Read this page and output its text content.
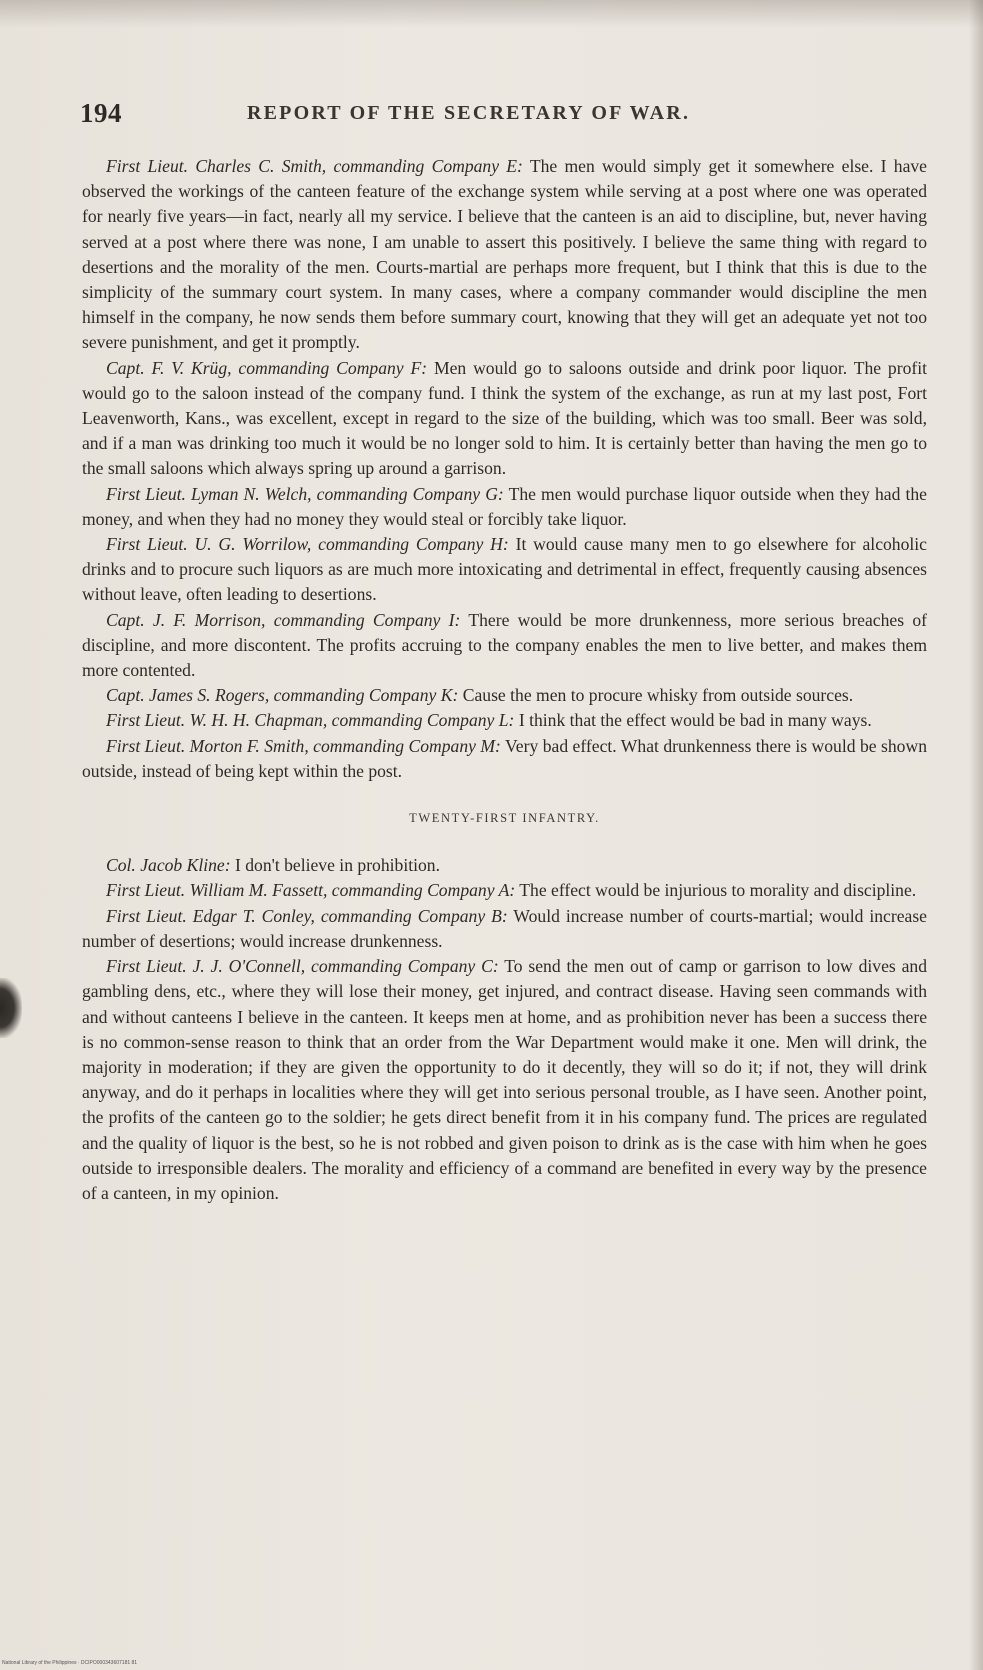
194	REPORT OF THE SECRETARY OF WAR.

First Lieut. Charles C. Smith, commanding Company E: The men would simply get it somewhere else. I have observed the workings of the canteen feature of the exchange system while serving at a post where one was operated for nearly five years—in fact, nearly all my service. I believe that the canteen is an aid to discipline, but, never having served at a post where there was none, I am unable to assert this positively. I believe the same thing with regard to desertions and the morality of the men. Courts-martial are perhaps more frequent, but I think that this is due to the simplicity of the summary court system. In many cases, where a company commander would discipline the men himself in the company, he now sends them before summary court, knowing that they will get an adequate yet not too severe punishment, and get it promptly.

Capt. F. V. Krüg, commanding Company F: Men would go to saloons outside and drink poor liquor. The profit would go to the saloon instead of the company fund. I think the system of the exchange, as run at my last post, Fort Leavenworth, Kans., was excellent, except in regard to the size of the building, which was too small. Beer was sold, and if a man was drinking too much it would be no longer sold to him. It is certainly better than having the men go to the small saloons which always spring up around a garrison.

First Lieut. Lyman N. Welch, commanding Company G: The men would purchase liquor outside when they had the money, and when they had no money they would steal or forcibly take liquor.

First Lieut. U. G. Worrilow, commanding Company H: It would cause many men to go elsewhere for alcoholic drinks and to procure such liquors as are much more intoxicating and detrimental in effect, frequently causing absences without leave, often leading to desertions.

Capt. J. F. Morrison, commanding Company I: There would be more drunkenness, more serious breaches of discipline, and more discontent. The profits accruing to the company enables the men to live better, and makes them more contented.

Capt. James S. Rogers, commanding Company K: Cause the men to procure whisky from outside sources.

First Lieut. W. H. H. Chapman, commanding Company L: I think that the effect would be bad in many ways.

First Lieut. Morton F. Smith, commanding Company M: Very bad effect. What drunkenness there is would be shown outside, instead of being kept within the post.

TWENTY-FIRST INFANTRY.

Col. Jacob Kline: I don't believe in prohibition.

First Lieut. William M. Fassett, commanding Company A: The effect would be injurious to morality and discipline.

First Lieut. Edgar T. Conley, commanding Company B: Would increase number of courts-martial; would increase number of desertions; would increase drunkenness.

First Lieut. J. J. O'Connell, commanding Company C: To send the men out of camp or garrison to low dives and gambling dens, etc., where they will lose their money, get injured, and contract disease. Having seen commands with and without canteens I believe in the canteen. It keeps men at home, and as prohibition never has been a success there is no common-sense reason to think that an order from the War Department would make it one. Men will drink, the majority in moderation; if they are given the opportunity to do it decently, they will so do it; if not, they will drink anyway, and do it perhaps in localities where they will get into serious personal trouble, as I have seen. Another point, the profits of the canteen go to the soldier; he gets direct benefit from it in his company fund. The prices are regulated and the quality of liquor is the best, so he is not robbed and given poison to drink as is the case with him when he goes outside to irresponsible dealers. The morality and efficiency of a command are benefited in every way by the presence of a canteen, in my opinion.

National Library of the Philippines · DCIPO000343607181 81
